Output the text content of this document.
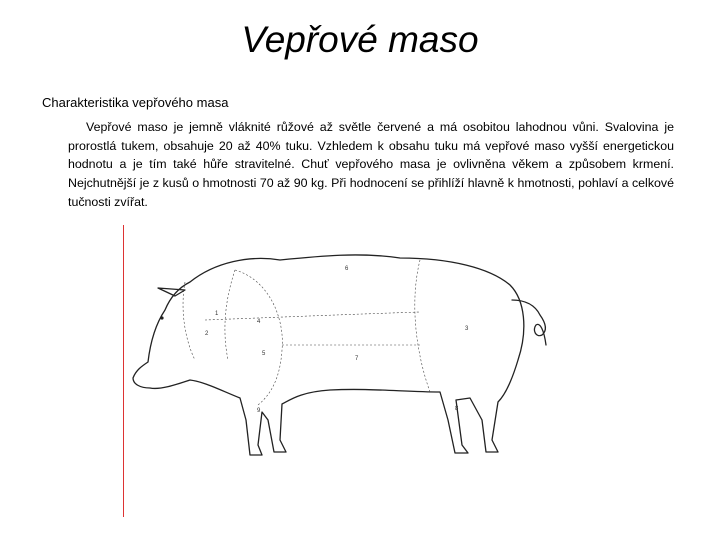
Vepřové maso
Charakteristika vepřového masa
Vepřové maso je jemně vláknité růžové až světle červené a má osobitou lahodnou vůni. Svalovina je prorostlá tukem, obsahuje 20 až 40% tuku. Vzhledem k obsahu tuku má vepřové maso vyšší energetickou hodnotu a je tím také hůře stravitelné. Chuť vepřového masa je ovlivněna věkem a způsobem krmení. Nejchutnější je z kusů o hmotnosti 70 až 90 kg. Při hodnocení se přihlíží hlavně k hmotnosti, pohlaví a celkové tučnosti zvířat.
1
2
3
4
5
6
7
8
9
